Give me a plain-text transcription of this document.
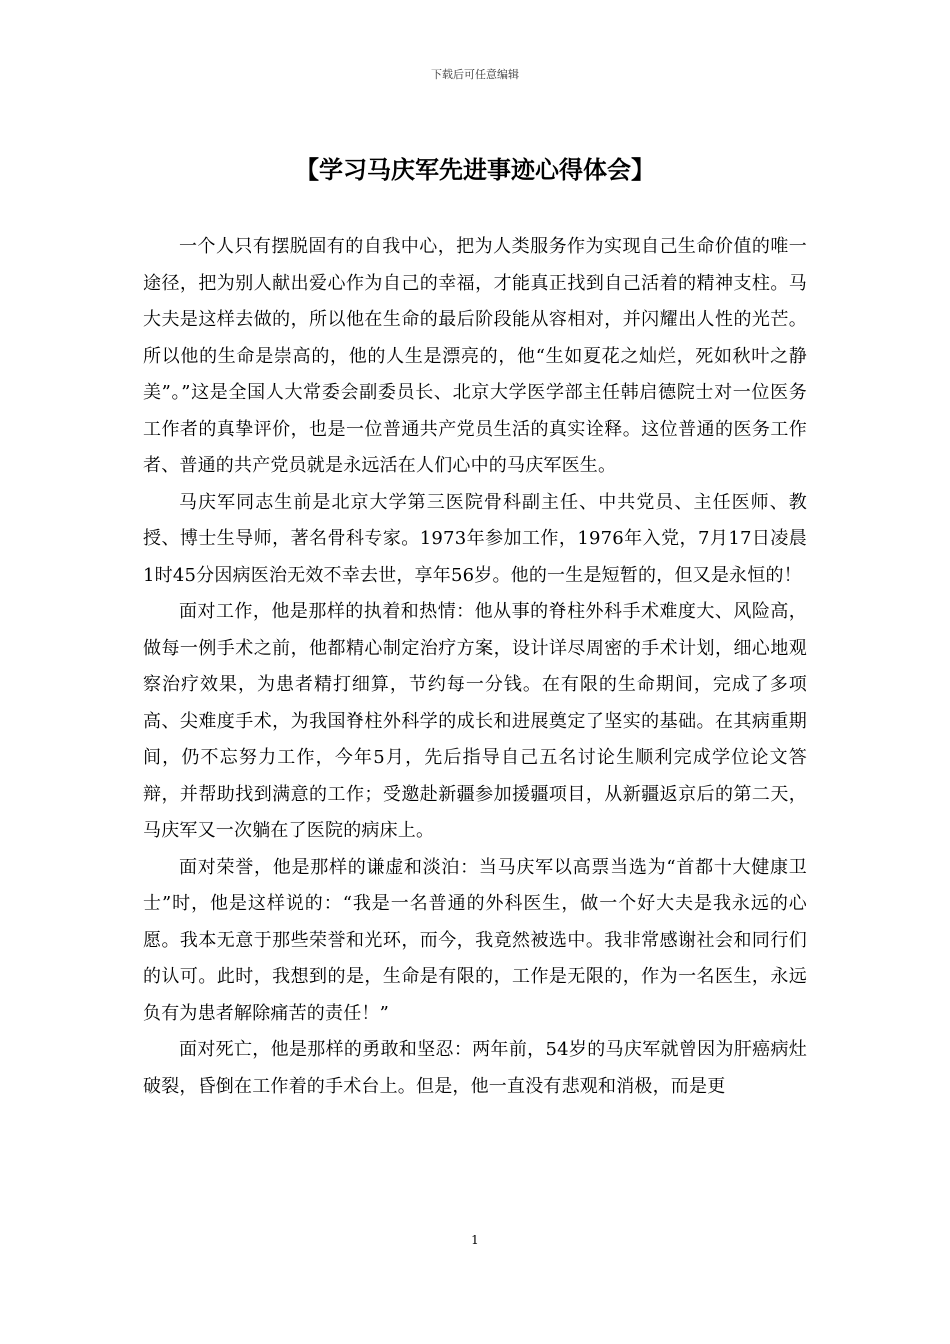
下载后可任意编辑
【学习马庆军先进事迹心得体会】

一个人只有摆脱固有的自我中心，把为人类服务作为实现自己生命价值的唯一途径，把为别人献出爱心作为自己的幸福，才能真正找到自己活着的精神支柱。马大夫是这样去做的，所以他在生命的最后阶段能从容相对，并闪耀出人性的光芒。所以他的生命是崇高的，他的人生是漂亮的，他“生如夏花之灿烂，死如秋叶之静美”。”这是全国人大常委会副委员长、北京大学医学部主任韩启德院士对一位医务工作者的真挚评价，也是一位普通共产党员生活的真实诠释。这位普通的医务工作者、普通的共产党员就是永远活在人们心中的马庆军医生。

马庆军同志生前是北京大学第三医院骨科副主任、中共党员、主任医师、教授、博士生导师，著名骨科专家。1973年参加工作，1976年入党，7月17日凌晨1时45分因病医治无效不幸去世，享年56岁。他的一生是短暂的，但又是永恒的！

面对工作，他是那样的执着和热情：他从事的脊柱外科手术难度大、风险高，做每一例手术之前，他都精心制定治疗方案，设计详尽周密的手术计划，细心地观察治疗效果，为患者精打细算，节约每一分钱。在有限的生命期间，完成了多项高、尖难度手术，为我国脊柱外科学的成长和进展奠定了坚实的基础。在其病重期间，仍不忘努力工作，今年5月，先后指导自己五名讨论生顺利完成学位论文答辩，并帮助找到满意的工作；受邀赴新疆参加援疆项目，从新疆返京后的第二天，马庆军又一次躺在了医院的病床上。

面对荣誉，他是那样的谦虚和淡泊：当马庆军以高票当选为“首都十大健康卫士”时，他是这样说的：“我是一名普通的外科医生，做一个好大夫是我永远的心愿。我本无意于那些荣誉和光环，而今，我竟然被选中。我非常感谢社会和同行们的认可。此时，我想到的是，生命是有限的，工作是无限的，作为一名医生，永远负有为患者解除痛苦的责任！”

面对死亡，他是那样的勇敢和坚忍：两年前，54岁的马庆军就曾因为肝癌病灶破裂，昏倒在工作着的手术台上。但是，他一直没有悲观和消极，而是更

1
